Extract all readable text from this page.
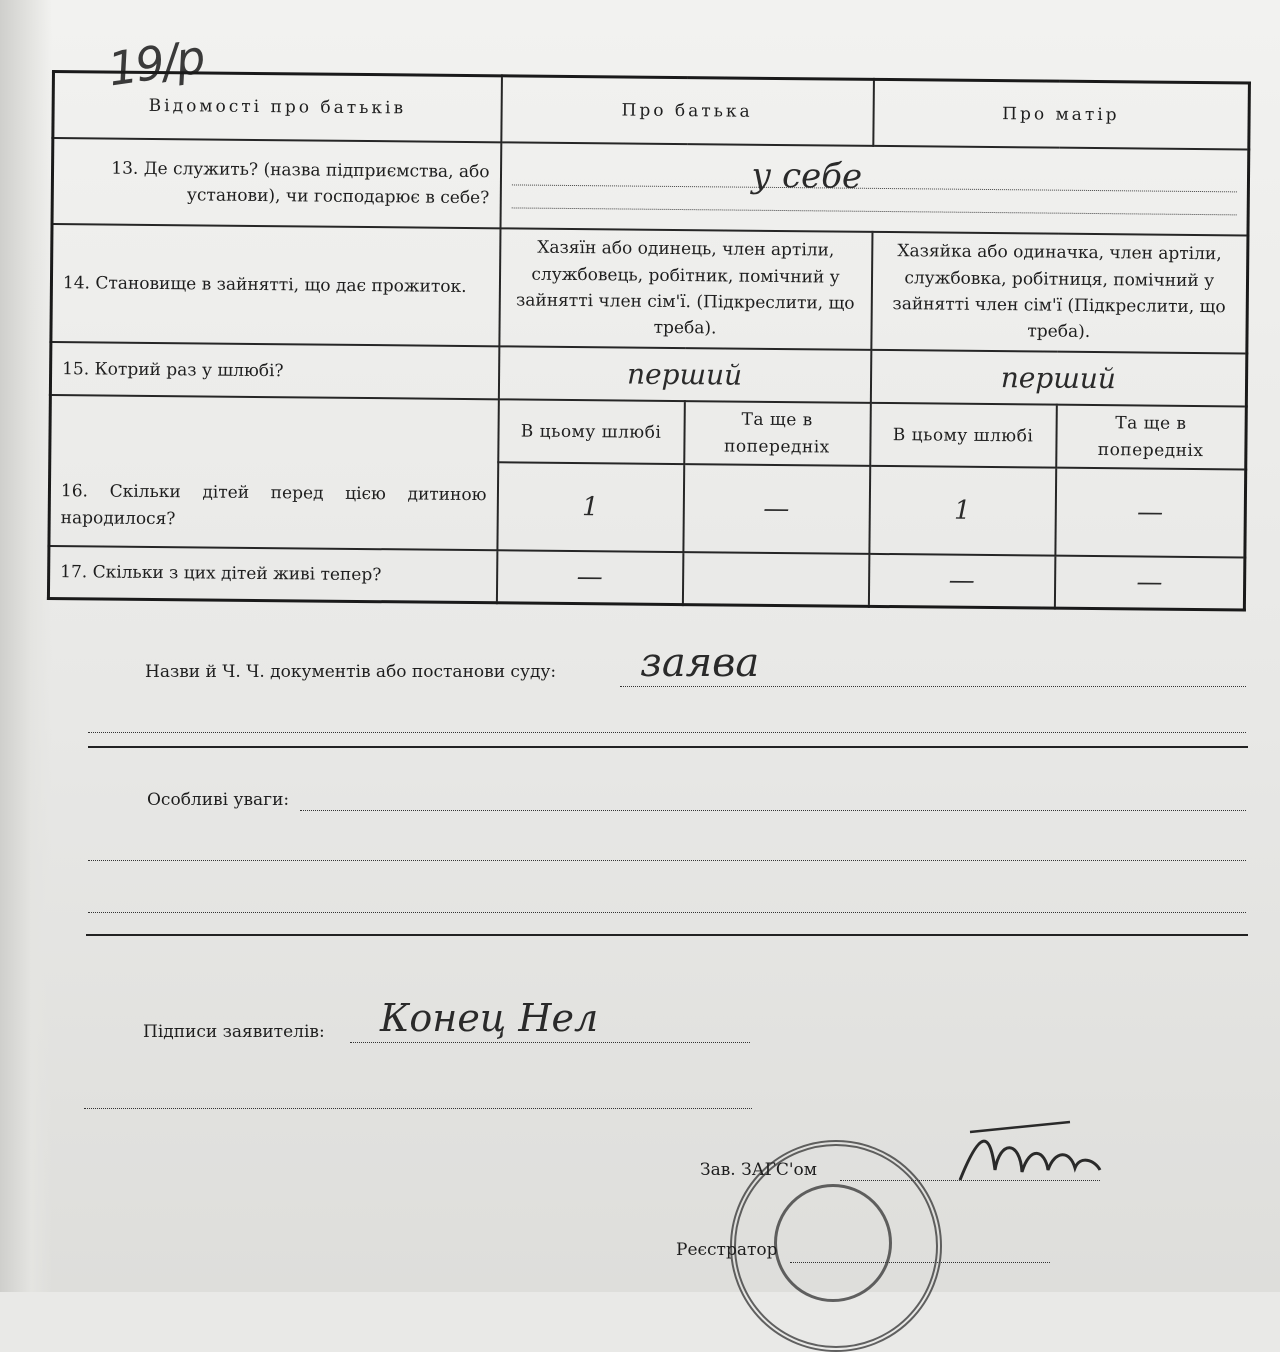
19/р
Відомості про батьків	Про батька		Про матір	
13. Де служить? (назва підприємства, або установи), чи господарює в себе?	у себе			

14. Становище в зайнятті, що дає прожиток.	Хазяїн або одинець, член артіли, службовець, робітник, помічний у зайнятті член сім'ї. (Підкреслити, що треба).		Хазяйка або одиначка, член артіли, службовка, робітниця, помічний у зайнятті член сім'ї (Підкреслити, що треба).	
15. Котрий раз у шлюбі?	перший		перший	
16. Скільки дітей перед цією дитиною народилося?	В цьому шлюбі	Та ще в попередніх	В цьому шлюбі	Та ще в попередніх
	1	—	1	—
17. Скільки з цих дітей живі тепер?	—		—	—
Назви й Ч. Ч. документів або постанови суду: заява
Особливі уваги:
Підписи заявителів: Конец Нел
Зав. ЗАГС'ом
Реєстратор
